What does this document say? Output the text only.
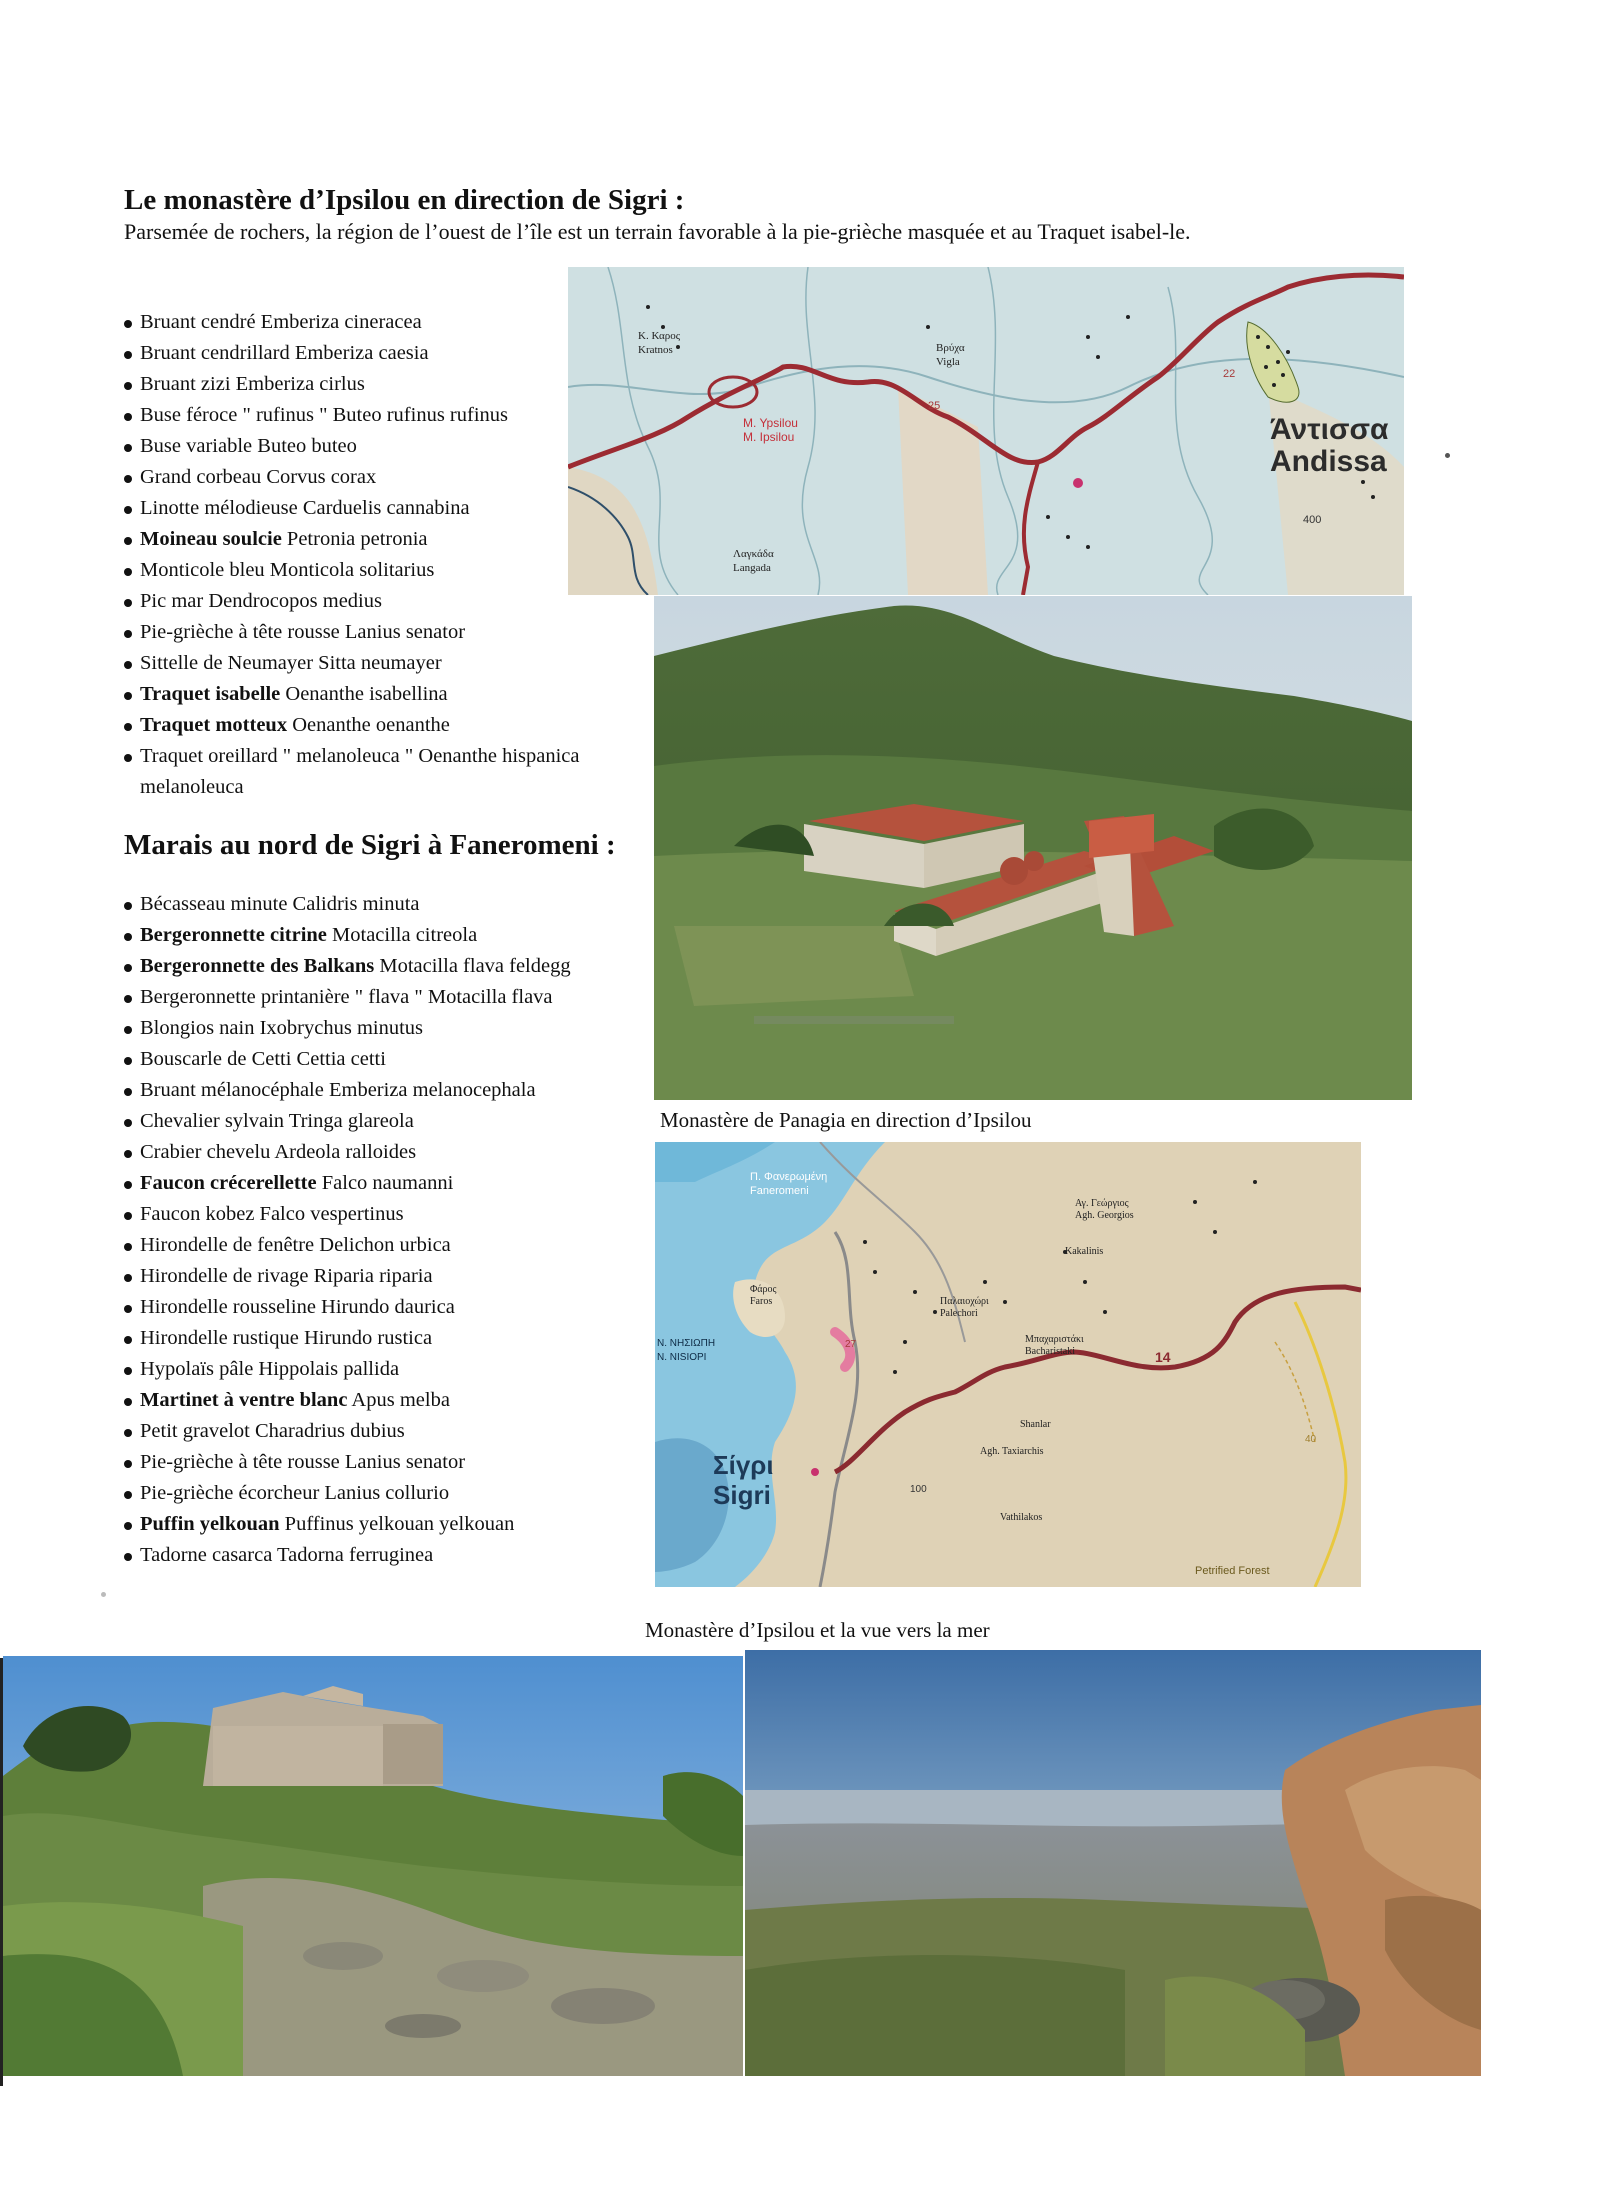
Le monastère d’Ipsilou en direction de Sigri :
Parsemée de rochers, la région de l’ouest de l’île est un terrain favorable à la pie-grièche masquée et au Traquet isabel-le.
Bruant cendré Emberiza cineracea
Bruant cendrillard Emberiza caesia
Bruant zizi Emberiza cirlus
Buse féroce " rufinus " Buteo rufinus rufinus
Buse variable Buteo buteo
Grand corbeau Corvus corax
Linotte mélodieuse Carduelis cannabina
Moineau soulcie Petronia petronia
Monticole bleu Monticola solitarius
Pic mar Dendrocopos medius
Pie-grièche à tête rousse Lanius senator
Sittelle de Neumayer Sitta neumayer
Traquet isabelle Oenanthe isabellina
Traquet motteux Oenanthe oenanthe
Traquet oreillard " melanoleuca " Oenanthe hispanica melanoleuca
Marais au nord de Sigri à Faneromeni :
Bécasseau minute Calidris minuta
Bergeronnette citrine Motacilla citreola
Bergeronnette des Balkans Motacilla flava feldegg
Bergeronnette printanière " flava " Motacilla flava
Blongios nain Ixobrychus minutus
Bouscarle de Cetti Cettia cetti
Bruant mélanocéphale Emberiza melanocephala
Chevalier sylvain Tringa glareola
Crabier chevelu Ardeola ralloides
Faucon crécerellette Falco naumanni
Faucon kobez Falco vespertinus
Hirondelle de fenêtre Delichon urbica
Hirondelle de rivage Riparia riparia
Hirondelle rousseline Hirundo daurica
Hirondelle rustique Hirundo rustica
Hypolaïs pâle Hippolais pallida
Martinet à ventre blanc Apus melba
Petit gravelot Charadrius dubius
Pie-grièche à tête rousse Lanius senator
Pie-grièche écorcheur Lanius collurio
Puffin yelkouan Puffinus yelkouan yelkouan
Tadorne casarca Tadorna ferruginea
Άντισσα
Andissa
M. Ypsilou
M. Ipsilou
Βρύχα
Vigla
Λαγκάδα
Langada
Κ. Καρος
Kratnos
25
22
400
Monastère de Panagia en direction d’Ipsilou
Σίγρι
Sigri
Π. Φανερωμένη
Faneromeni
Ν. ΝΗΣΙΩΠΗ
N. NISIOPI
Φάρος
Faros	Παλαιοχώρι
Palechori
Μπαχαριστάκι
Bacharistaki
Αγ. Γεώργιος
Agh. Georgios
Kakalinis
Shanlar
Agh. Taxiarchis
Vathilakos
Petrified Forest
14
27
100
40
Monastère d’Ipsilou et la vue vers la mer
